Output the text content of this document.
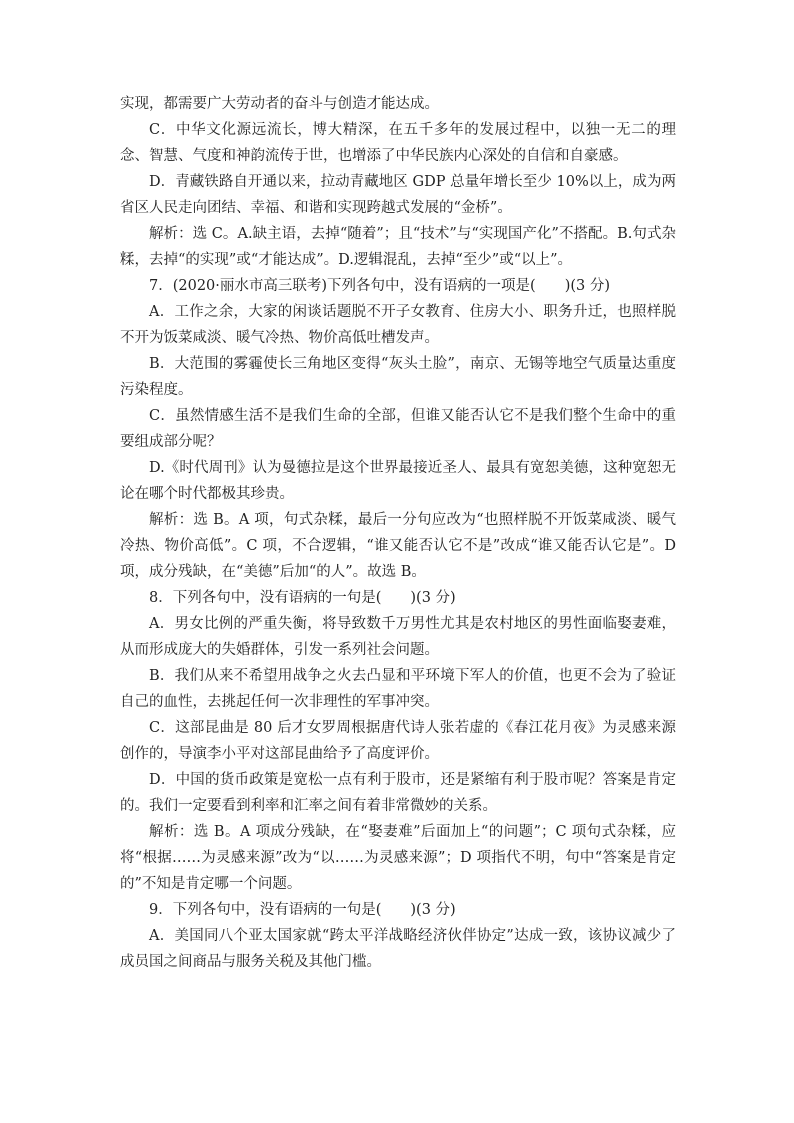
实现，都需要广大劳动者的奋斗与创造才能达成。

C．中华文化源远流长，博大精深，在五千多年的发展过程中，以独一无二的理念、智慧、气度和神韵流传于世，也增添了中华民族内心深处的自信和自豪感。

D．青藏铁路自开通以来，拉动青藏地区 GDP 总量年增长至少 10%以上，成为两省区人民走向团结、幸福、和谐和实现跨越式发展的“金桥”。

解析：选 C。A.缺主语，去掉“随着”；且“技术”与“实现国产化”不搭配。B.句式杂糅，去掉“的实现”或“才能达成”。D.逻辑混乱，去掉“至少”或“以上”。

7．(2020·丽水市高三联考)下列各句中，没有语病的一项是(　　)(3 分)

A．工作之余，大家的闲谈话题脱不开子女教育、住房大小、职务升迁，也照样脱不开为饭菜咸淡、暖气冷热、物价高低吐槽发声。

B．大范围的雾霾使长三角地区变得“灰头土脸”，南京、无锡等地空气质量达重度污染程度。

C．虽然情感生活不是我们生命的全部，但谁又能否认它不是我们整个生命中的重要组成部分呢？

D.《时代周刊》认为曼德拉是这个世界最接近圣人、最具有宽恕美德，这种宽恕无论在哪个时代都极其珍贵。

解析：选 B。A 项，句式杂糅，最后一分句应改为“也照样脱不开饭菜咸淡、暖气冷热、物价高低”。C 项，不合逻辑，“谁又能否认它不是”改成“谁又能否认它是”。D 项，成分残缺，在“美德”后加“的人”。故选 B。

8．下列各句中，没有语病的一句是(　　)(3 分)

A．男女比例的严重失衡，将导致数千万男性尤其是农村地区的男性面临娶妻难，从而形成庞大的失婚群体，引发一系列社会问题。

B．我们从来不希望用战争之火去凸显和平环境下军人的价值，也更不会为了验证自己的血性，去挑起任何一次非理性的军事冲突。

C．这部昆曲是 80 后才女罗周根据唐代诗人张若虚的《春江花月夜》为灵感来源创作的，导演李小平对这部昆曲给予了高度评价。

D．中国的货币政策是宽松一点有利于股市，还是紧缩有利于股市呢？答案是肯定的。我们一定要看到利率和汇率之间有着非常微妙的关系。

解析：选 B。A 项成分残缺，在“娶妻难”后面加上“的问题”；C 项句式杂糅，应将“根据……为灵感来源”改为“以……为灵感来源”；D 项指代不明，句中“答案是肯定的”不知是肯定哪一个问题。

9．下列各句中，没有语病的一句是(　　)(3 分)

A．美国同八个亚太国家就“跨太平洋战略经济伙伴协定”达成一致，该协议减少了成员国之间商品与服务关税及其他门槛。
